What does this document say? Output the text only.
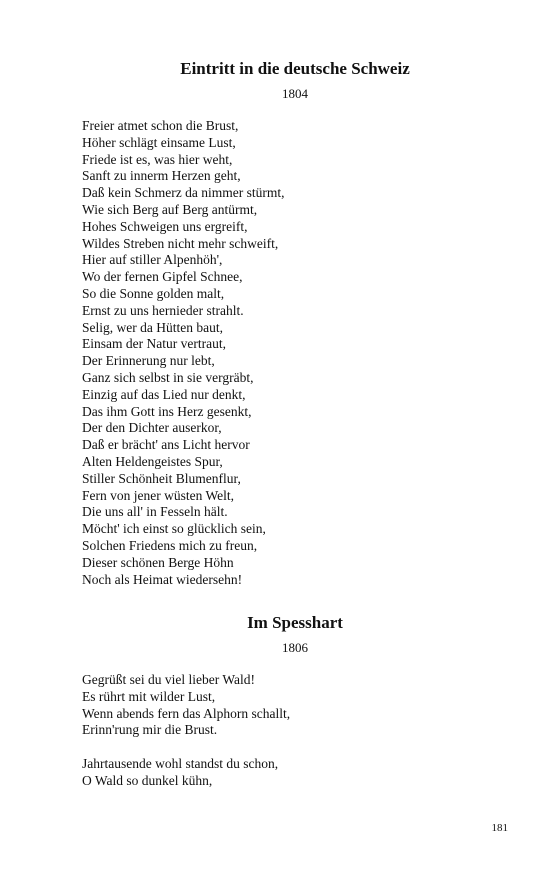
Eintritt in die deutsche Schweiz
1804
Freier atmet schon die Brust,
Höher schlägt einsame Lust,
Friede ist es, was hier weht,
Sanft zu innerm Herzen geht,
Daß kein Schmerz da nimmer stürmt,
Wie sich Berg auf Berg antürmt,
Hohes Schweigen uns ergreift,
Wildes Streben nicht mehr schweift,
Hier auf stiller Alpenhöh',
Wo der fernen Gipfel Schnee,
So die Sonne golden malt,
Ernst zu uns hernieder strahlt.
Selig, wer da Hütten baut,
Einsam der Natur vertraut,
Der Erinnerung nur lebt,
Ganz sich selbst in sie vergräbt,
Einzig auf das Lied nur denkt,
Das ihm Gott ins Herz gesenkt,
Der den Dichter auserkor,
Daß er brächt' ans Licht hervor
Alten Heldengeistes Spur,
Stiller Schönheit Blumenflur,
Fern von jener wüsten Welt,
Die uns all' in Fesseln hält.
Möcht' ich einst so glücklich sein,
Solchen Friedens mich zu freun,
Dieser schönen Berge Höhn
Noch als Heimat wiedersehn!
Im Spesshart
1806
Gegrüßt sei du viel lieber Wald!
Es rührt mit wilder Lust,
Wenn abends fern das Alphorn schallt,
Erinn'rung mir die Brust.
Jahrtausende wohl standst du schon,
O Wald so dunkel kühn,
181
